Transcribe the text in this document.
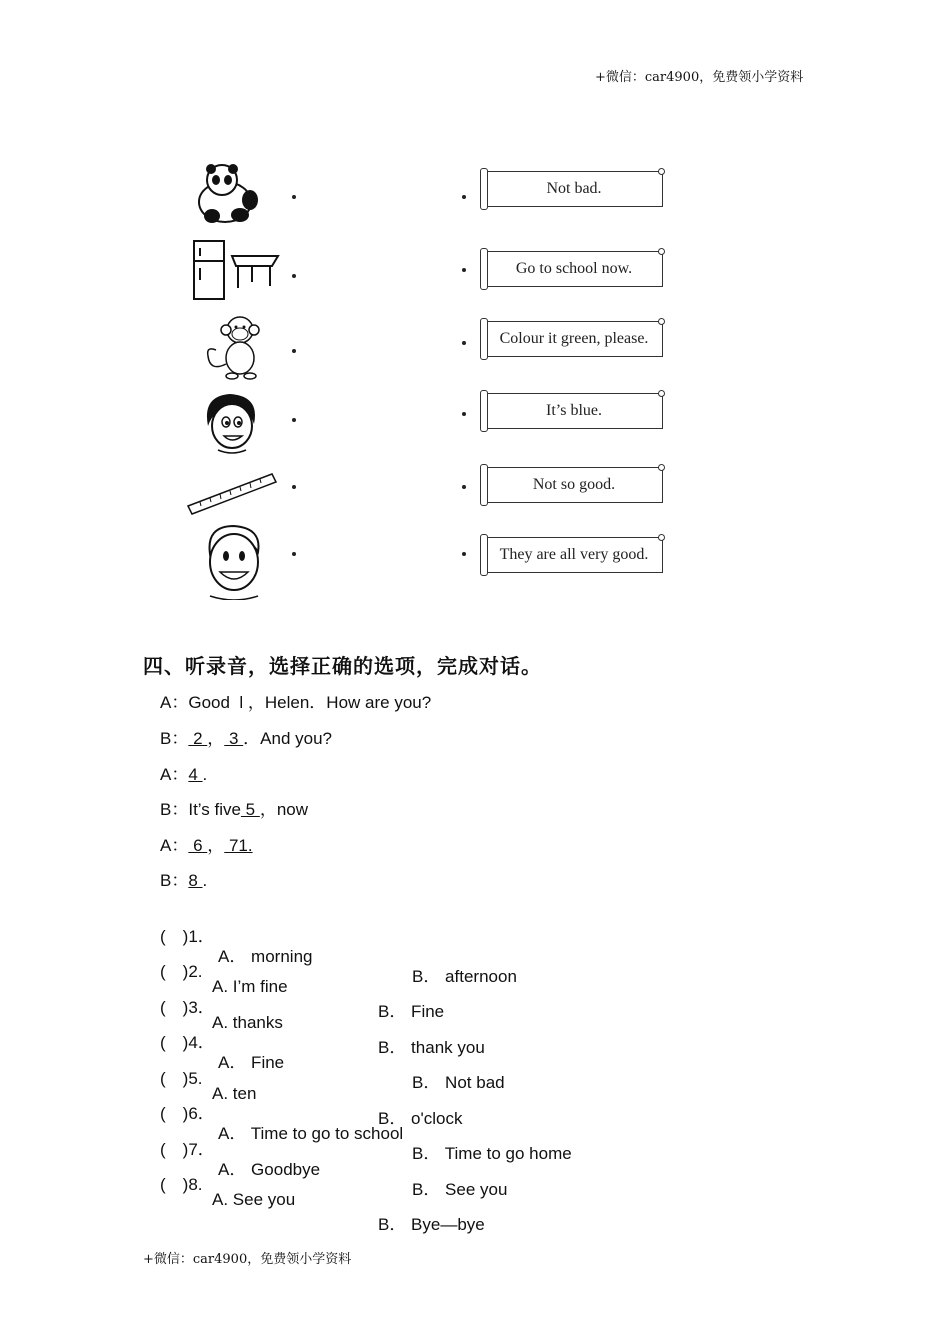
+微信：car4900，免费领小学资料
Not bad.
Go to school now.
Colour it green, please.
It’s blue.
Not so good.
They are all very good.
四、听录音，选择正确的选项，完成对话。
A：Good  l ，Helen．How are you?
B： 2 ， 3 ．And you?
A：4 .
B：It’s five 5 ，now
A： 6 ， 71.
B：8 .

(　)1．

A． morning

B． afternoon

(　)2.

A. I’m fine

B． Fine

(　)3．

A. thanks

B． thank you

(　)4．

A． Fine

B． Not bad

(　)5.

A. ten

B． o'clock

(　)6．

A． Time to go to school

B． Time to go home

(　)7．

A． Goodbye

B． See you

(　)8.

A. See you

B． Bye—bye

+微信：car4900，免费领小学资料
